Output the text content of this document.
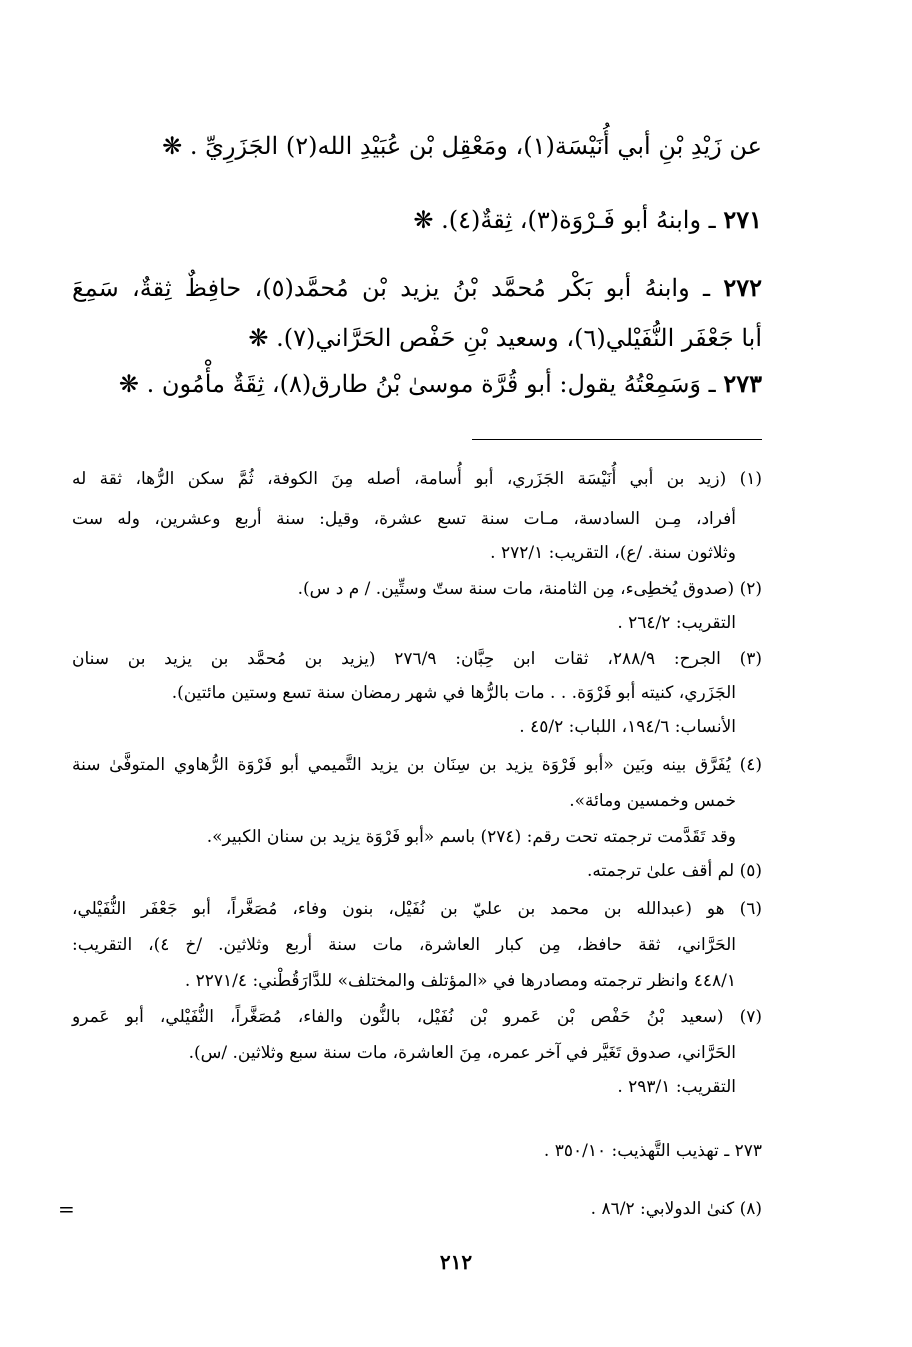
عن زَيْدِ بْنِ أبي أُنَيْسَة(١)، ومَعْقِل بْن عُبَيْدِ الله(٢) الجَزَرِيِّ . ❋
٢٧١ ـ وابنهُ أبو فَـرْوَة(٣)، ثِقةٌ(٤). ❋
٢٧٢ ـ وابنهُ أبو بَكْر مُحمَّد بْنُ يزيد بْن مُحمَّد(٥)، حافِظٌ ثِقةٌ، سَمِعَ
أبا جَعْفَر النُّفَيْلي(٦)، وسعيد بْنِ حَفْص الحَرَّاني(٧). ❋
٢٧٣ ـ وَسَمِعْتُهُ يقول: أبو قُرَّة موسىٰ بْنُ طارق(٨)، ثِقَةٌ مأْمُون . ❋
(١) (زيد بن أبي أُنَيْسَة الجَزَري، أبو أُسامة، أصله مِنَ الكوفة، ثُمَّ سكن الرُّها، ثقة له
أفراد، مِـن السادسة، مـات سنة تسع عشرة، وقيل: سنة أربع وعشرين، وله ست
وثلاثون سنة. /ع)، التقريب: ٢٧٢/١ .
(٢) (صدوق يُخطِىء، مِن الثامنة، مات سنة ستّ وستِّين. / م د س).
التقريب: ٢٦٤/٢ .
(٣) الجرح: ٢٨٨/٩، ثقات ابن حِبَّان: ٢٧٦/٩ (يزيد بن مُحمَّد بن يزيد بن سنان
الجَزَري، كنيته أبو فَرْوَة. . . مات بالرُّها في شهر رمضان سنة تسع وستين مائتين).
الأنساب: ١٩٤/٦، اللباب: ٤٥/٢ .
(٤) يُفَرَّق بينه وبَين «أبو فَرْوَة يزيد بن سِنَان بن يزيد التَّميمي أبو فَرْوَة الرُّهاوي المتوفَّىٰ سنة
خمس وخمسين ومائة».
وقد تَقَدَّمت ترجمته تحت رقم: (٢٧٤) باسم «أبو فَرْوَة يزيد بن سنان الكبير».
(٥) لم أقف علىٰ ترجمته.
(٦) هو (عبدالله بن محمد بن عليّ بن نُفَيْل، بنون وفاء، مُصَغَّراً، أبو جَعْفَر النُّفَيْلي،
الحَرَّاني، ثقة حافظ، مِن كبار العاشرة، مات سنة أربع وثلاثين. /خ ٤)، التقريب:
٤٤٨/١ وانظر ترجمته ومصادرها في «المؤتلف والمختلف» للدَّارَقُطْني: ٢٢٧١/٤ .
(٧) (سعيد بْنُ حَفْص بْن عَمرو بْن نُفَيْل، بالنُّون والفاء، مُصَغَّراً، النُّفَيْلي، أبو عَمرو
الحَرَّاني، صدوق تَغَيَّر في آخر عمره، مِنَ العاشرة، مات سنة سبع وثلاثين. /س).
التقريب: ٢٩٣/١ .
٢٧٣ ـ تهذيب التَّهذيب: ٣٥٠/١٠ .
(٨) كنىٰ الدولابي: ٨٦/٢ .
=
٢١٢
